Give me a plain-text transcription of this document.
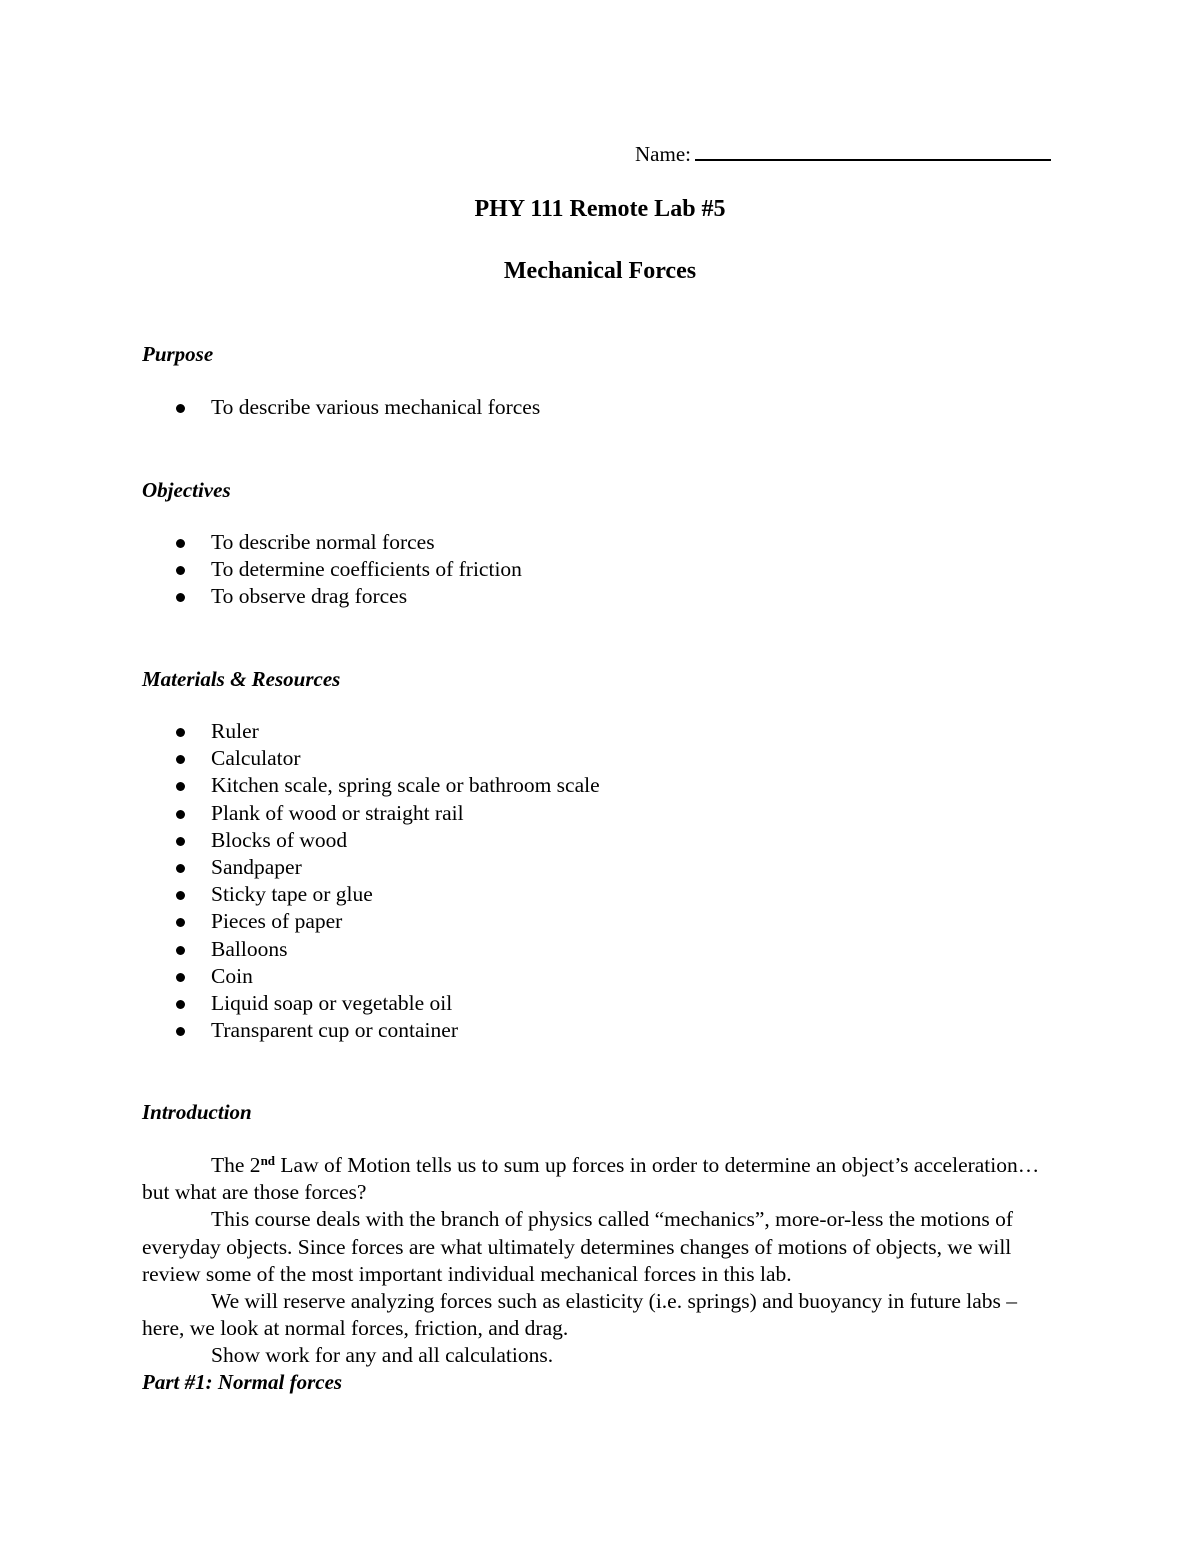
Name:
PHY 111 Remote Lab #5
Mechanical Forces
Purpose
To describe various mechanical forces
Objectives
To describe normal forces
To determine coefficients of friction
To observe drag forces
Materials & Resources
Ruler
Calculator
Kitchen scale, spring scale or bathroom scale
Plank of wood or straight rail
Blocks of wood
Sandpaper
Sticky tape or glue
Pieces of paper
Balloons
Coin
Liquid soap or vegetable oil
Transparent cup or container
Introduction

The 2nd Law of Motion tells us to sum up forces in order to determine an object’s acceleration… but what are those forces?

This course deals with the branch of physics called “mechanics”, more-or-less the motions of everyday objects. Since forces are what ultimately determines changes of motions of objects, we will review some of the most important individual mechanical forces in this lab.

We will reserve analyzing forces such as elasticity (i.e. springs) and buoyancy in future labs – here, we look at normal forces, friction, and drag.

Show work for any and all calculations.

Part #1: Normal forces
